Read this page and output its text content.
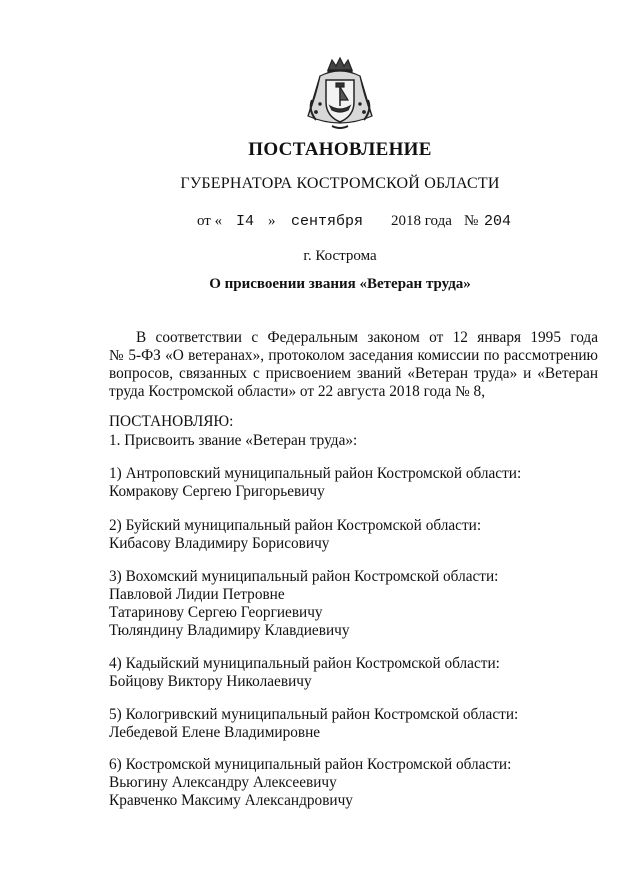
ПОСТАНОВЛЕНИЕ
ГУБЕРНАТОРА КОСТРОМСКОЙ ОБЛАСТИ
от « I4 » сентября 2018 года № 204
г. Кострома
О присвоении звания «Ветеран труда»
В соответствии с Федеральным законом от 12 января 1995 года
№ 5-ФЗ «О ветеранах», протоколом заседания комиссии по рассмотрению
вопросов, связанных с присвоением званий «Ветеран труда» и «Ветеран
труда Костромской области» от 22 августа 2018 года № 8,
ПОСТАНОВЛЯЮ:
1. Присвоить звание «Ветеран труда»:
1) Антроповский муниципальный район Костромской области:
Комракову Сергею Григорьевичу
2) Буйский муниципальный район Костромской области:
Кибасову Владимиру Борисовичу
3) Вохомский муниципальный район Костромской области:
Павловой Лидии Петровне
Татаринову Сергею Георгиевичу
Тюляндину Владимиру Клавдиевичу
4) Кадыйский муниципальный район Костромской области:
Бойцову Виктору Николаевичу
5) Кологривский муниципальный район Костромской области:
Лебедевой Елене Владимировне
6) Костромской муниципальный район Костромской области:
Вьюгину Александру Алексеевичу
Кравченко Максиму Александровичу
